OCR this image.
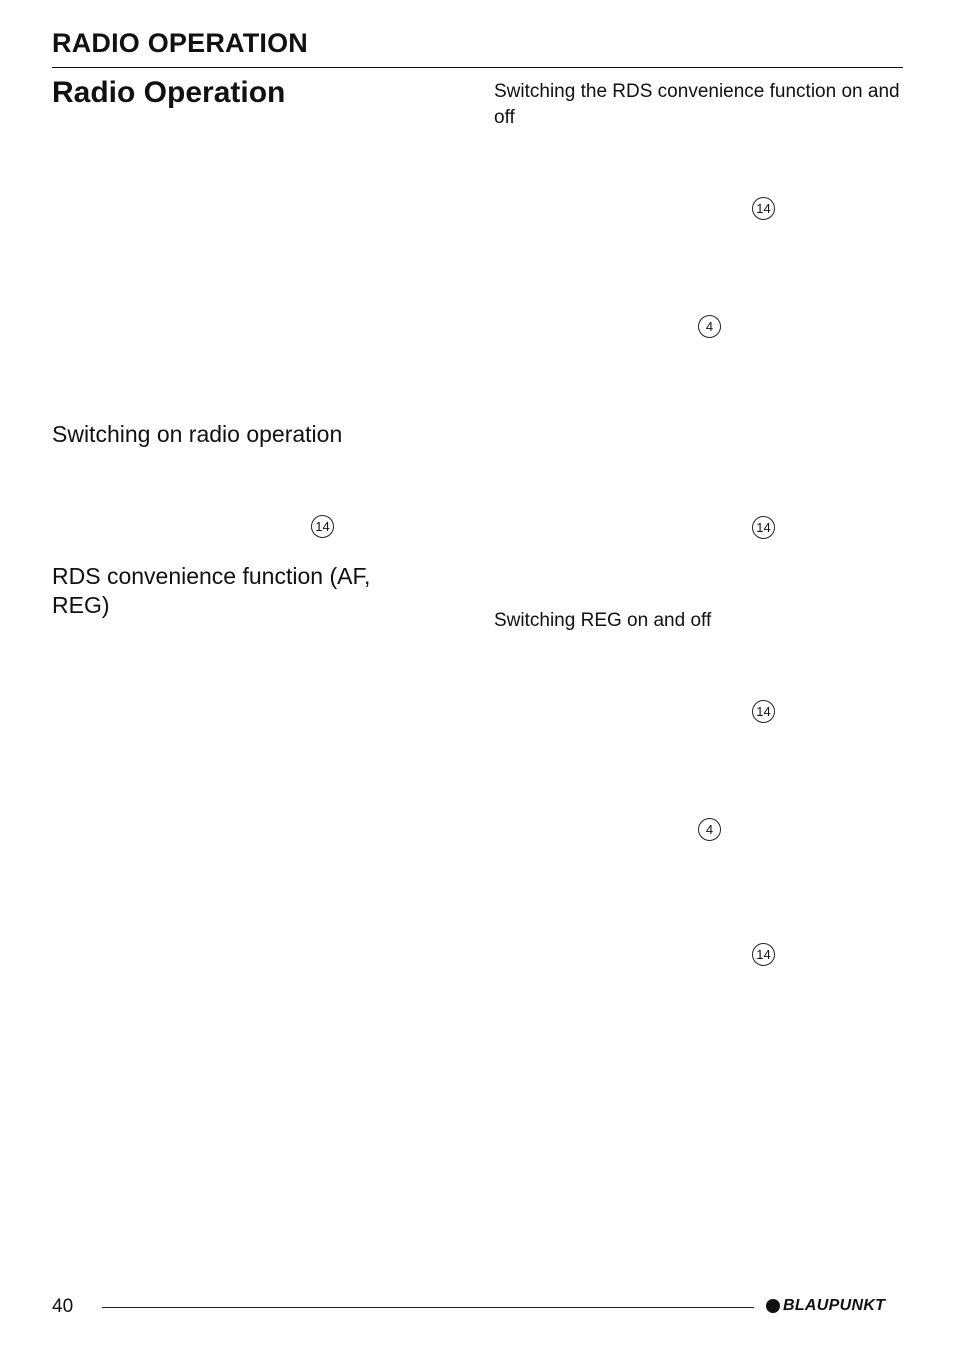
RADIO OPERATION
Radio Operation
Switching on radio operation
14
RDS convenience function (AF, REG)
Switching the RDS convenience function on and off
14
4
14
Switching REG on and off
14
4
14
40	BLAUPUNKT
